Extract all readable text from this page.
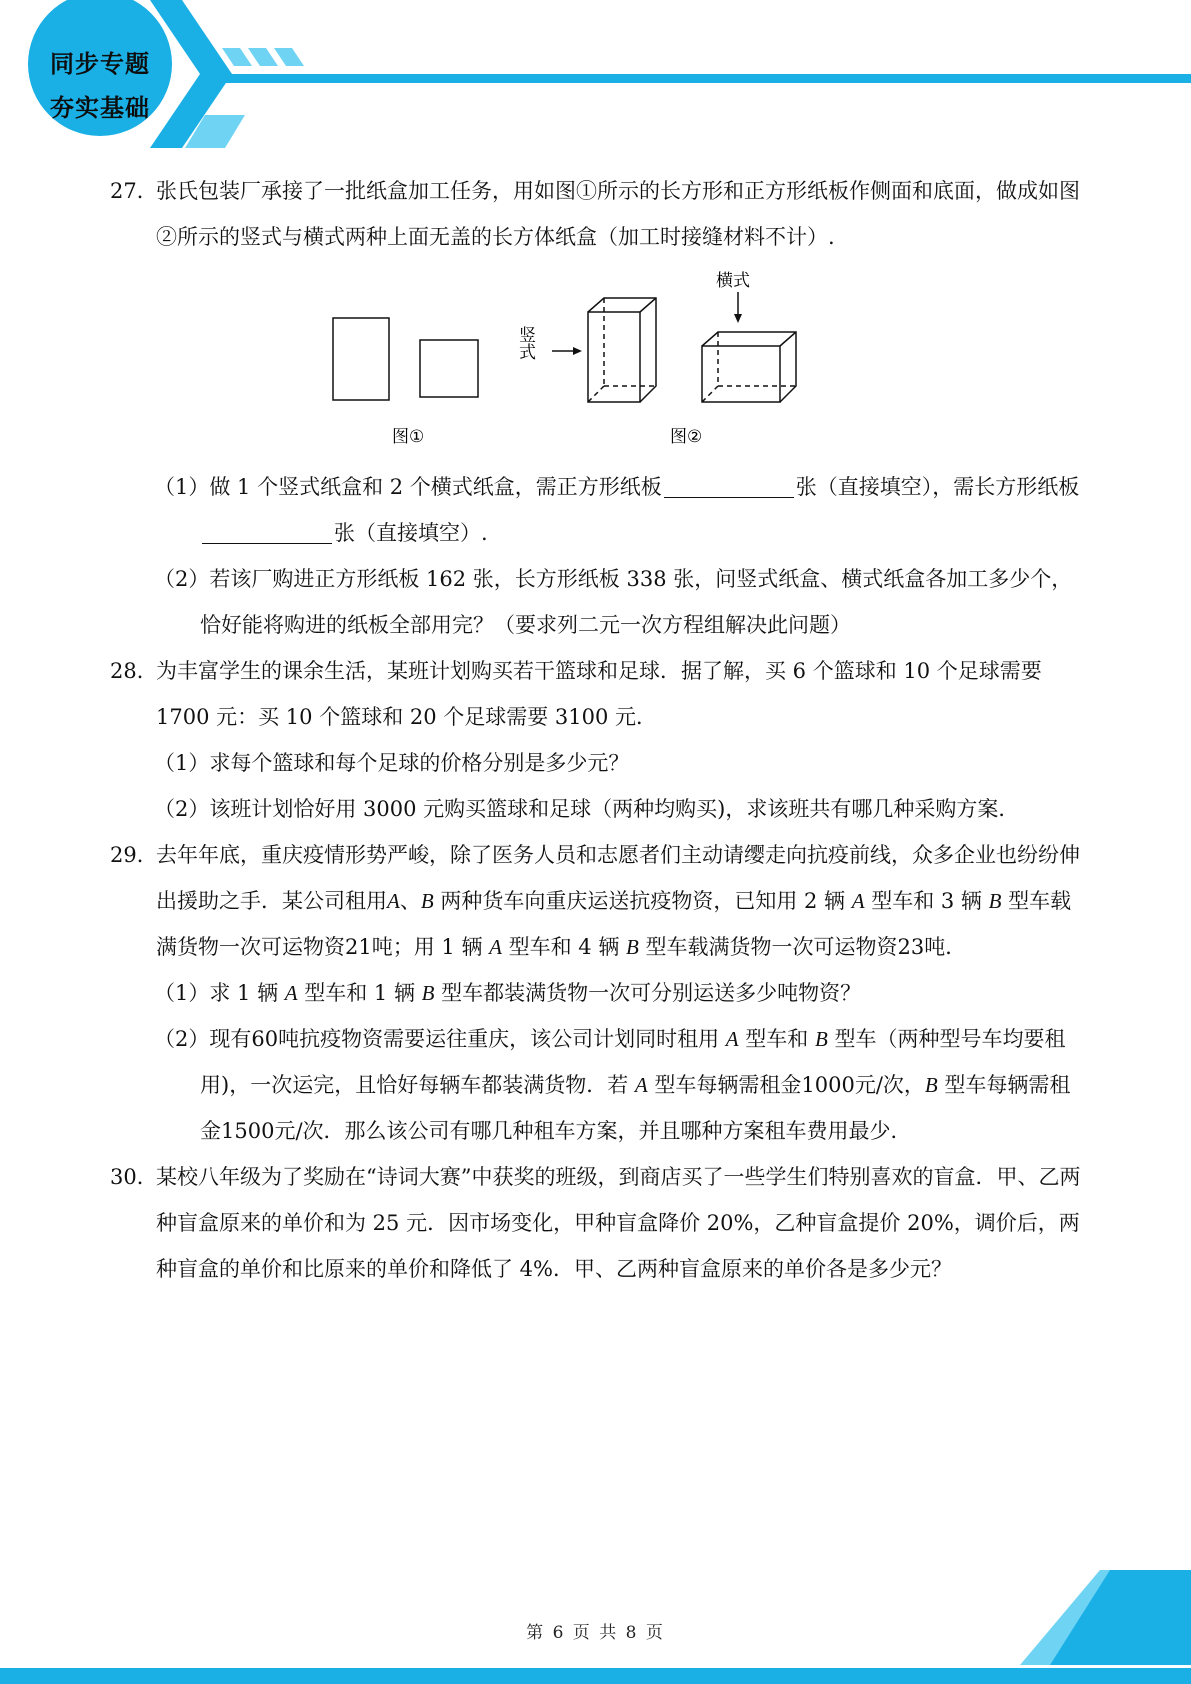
同步专题
夯实基础

27．张氏包装厂承接了一批纸盒加工任务，用如图①所示的长方形和正方形纸板作侧面和底面，做成如图②所示的竖式与横式两种上面无盖的长方体纸盒（加工时接缝材料不计）.

图①
竖式
图②
横式

（1）做 1 个竖式纸盒和 2 个横式纸盒，需正方形纸板	张（直接填空），需长方形纸板张（直接填空）.

（2）若该厂购进正方形纸板 162 张，长方形纸板 338 张，问竖式纸盒、横式纸盒各加工多少个，恰好能将购进的纸板全部用完？（要求列二元一次方程组解决此问题）

28．为丰富学生的课余生活，某班计划购买若干篮球和足球．据了解，买 6 个篮球和 10 个足球需要 1700 元：买 10 个篮球和 20 个足球需要 3100 元．

（1）求每个篮球和每个足球的价格分别是多少元？

（2）该班计划恰好用 3000 元购买篮球和足球（两种均购买)，求该班共有哪几种采购方案．

29．去年年底，重庆疫情形势严峻，除了医务人员和志愿者们主动请缨走向抗疫前线，众多企业也纷纷伸出援助之手．某公司租用A、B 两种货车向重庆运送抗疫物资，已知用 2 辆 A 型车和 3 辆 B 型车载满货物一次可运物资21吨；用 1 辆 A 型车和 4 辆 B 型车载满货物一次可运物资23吨．

（1）求 1 辆 A 型车和 1 辆 B 型车都装满货物一次可分别运送多少吨物资？

（2）现有60吨抗疫物资需要运往重庆，该公司计划同时租用 A 型车和 B 型车（两种型号车均要租用)，一次运完，且恰好每辆车都装满货物．若 A 型车每辆需租金1000元/次，B 型车每辆需租金1500元/次．那么该公司有哪几种租车方案，并且哪种方案租车费用最少．

30．某校八年级为了奖励在“诗词大赛”中获奖的班级，到商店买了一些学生们特别喜欢的盲盒．甲、乙两种盲盒原来的单价和为 25 元．因市场变化，甲种盲盒降价 20%，乙种盲盒提价 20%，调价后，两种盲盒的单价和比原来的单价和降低了 4%．甲、乙两种盲盒原来的单价各是多少元？

第 6 页 共 8 页
